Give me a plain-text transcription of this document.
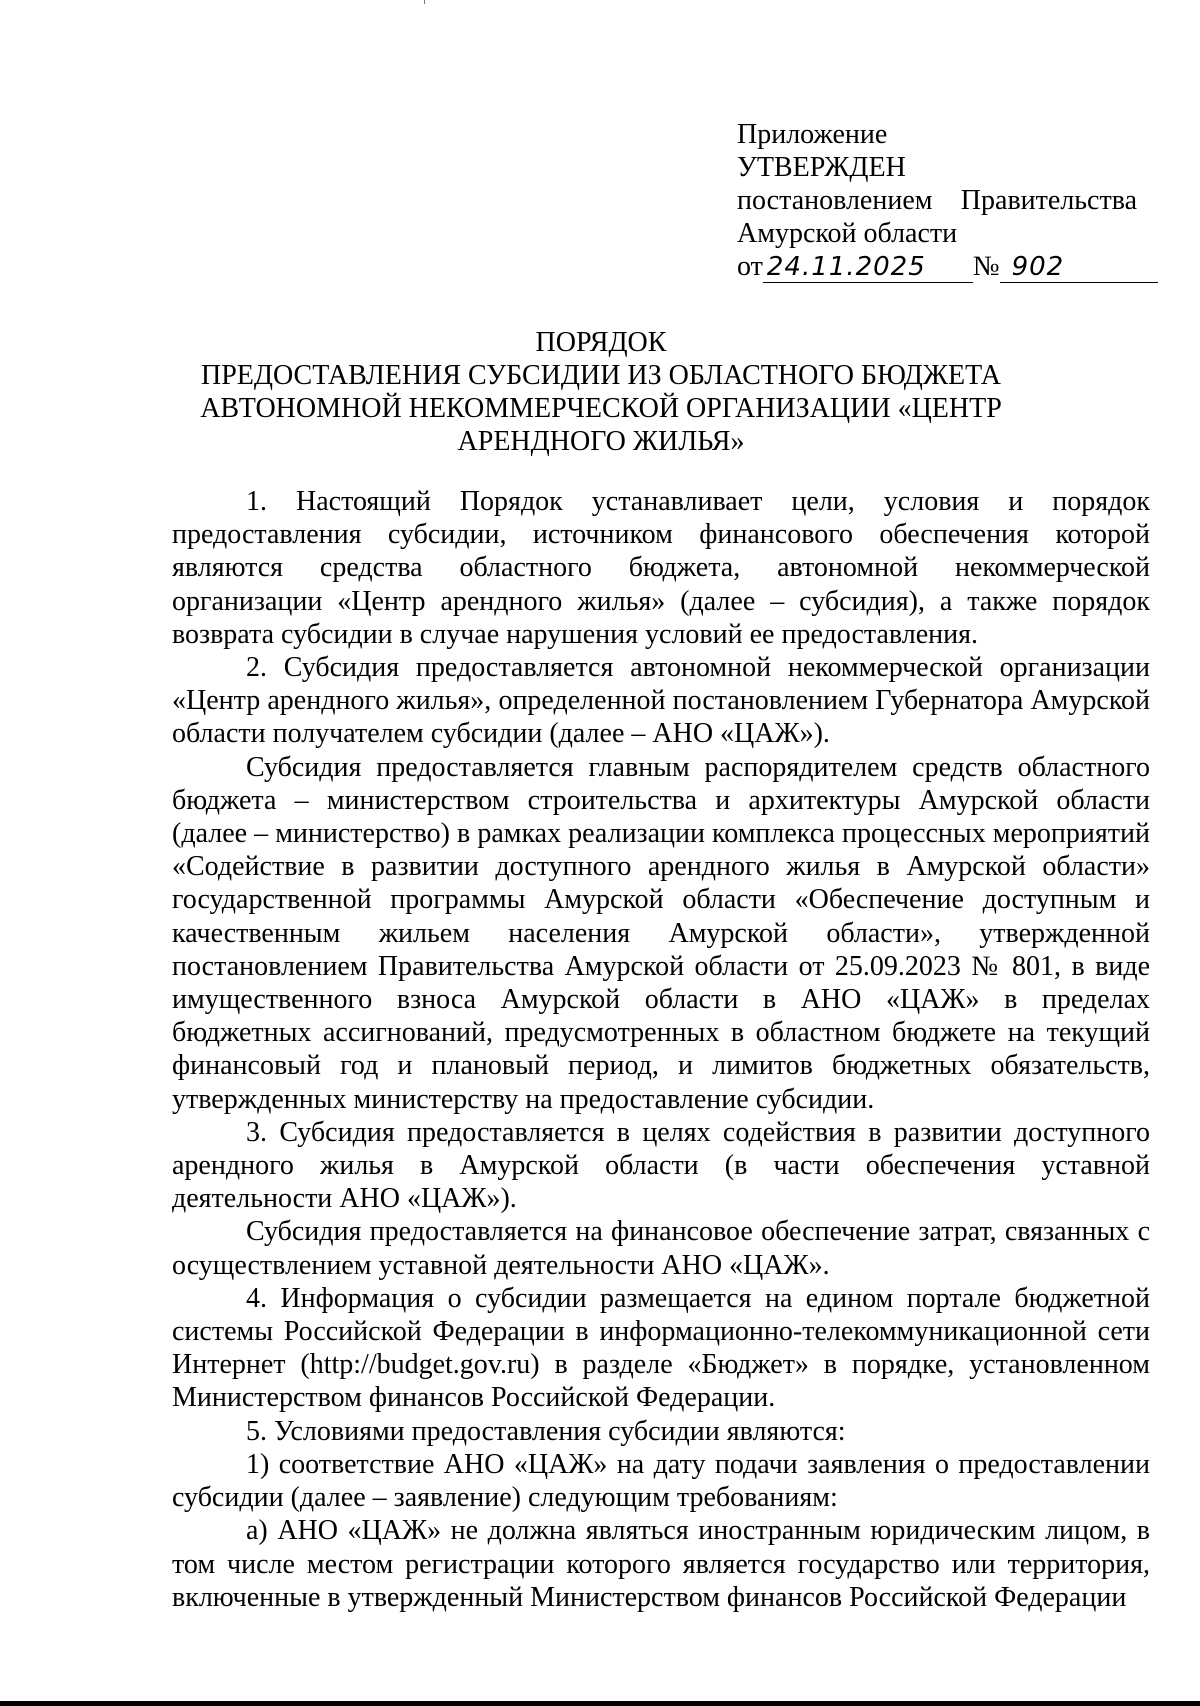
Приложение
УТВЕРЖДЕН
постановлением Правительства
Амурской области
от 24.11.2025 № 902
ПОРЯДОК
ПРЕДОСТАВЛЕНИЯ СУБСИДИИ ИЗ ОБЛАСТНОГО БЮДЖЕТА
АВТОНОМНОЙ НЕКОММЕРЧЕСКОЙ ОРГАНИЗАЦИИ «ЦЕНТР
АРЕНДНОГО ЖИЛЬЯ»

1. Настоящий Порядок устанавливает цели, условия и порядок предоставления субсидии, источником финансового обеспечения которой являются средства областного бюджета, автономной некоммерческой организации «Центр арендного жилья» (далее – субсидия), а также порядок возврата субсидии в случае нарушения условий ее предоставления.

2. Субсидия предоставляется автономной некоммерческой организации «Центр арендного жилья», определенной постановлением Губернатора Амурской области получателем субсидии (далее – АНО «ЦАЖ»).

Субсидия предоставляется главным распорядителем средств областного бюджета – министерством строительства и архитектуры Амурской области (далее – министерство) в рамках реализации комплекса процессных мероприятий «Содействие в развитии доступного арендного жилья в Амурской области» государственной программы Амурской области «Обеспечение доступным и качественным жильем населения Амурской области», утвержденной постановлением Правительства Амурской области от 25.09.2023 № 801, в виде имущественного взноса Амурской области в АНО «ЦАЖ» в пределах бюджетных ассигнований, предусмотренных в областном бюджете на текущий финансовый год и плановый период, и лимитов бюджетных обязательств, утвержденных министерству на предоставление субсидии.

3. Субсидия предоставляется в целях содействия в развитии доступного арендного жилья в Амурской области (в части обеспечения уставной деятельности АНО «ЦАЖ»).

Субсидия предоставляется на финансовое обеспечение затрат, связанных с осуществлением уставной деятельности АНО «ЦАЖ».

4. Информация о субсидии размещается на едином портале бюджетной системы Российской Федерации в информационно-телекоммуникационной сети Интернет (http://budget.gov.ru) в разделе «Бюджет» в порядке, установленном Министерством финансов Российской Федерации.

5. Условиями предоставления субсидии являются:

1) соответствие АНО «ЦАЖ» на дату подачи заявления о предоставлении субсидии (далее – заявление) следующим требованиям:

а) АНО «ЦАЖ» не должна являться иностранным юридическим лицом, в том числе местом регистрации которого является государство или территория, включенные в утвержденный Министерством финансов Российской Федерации
